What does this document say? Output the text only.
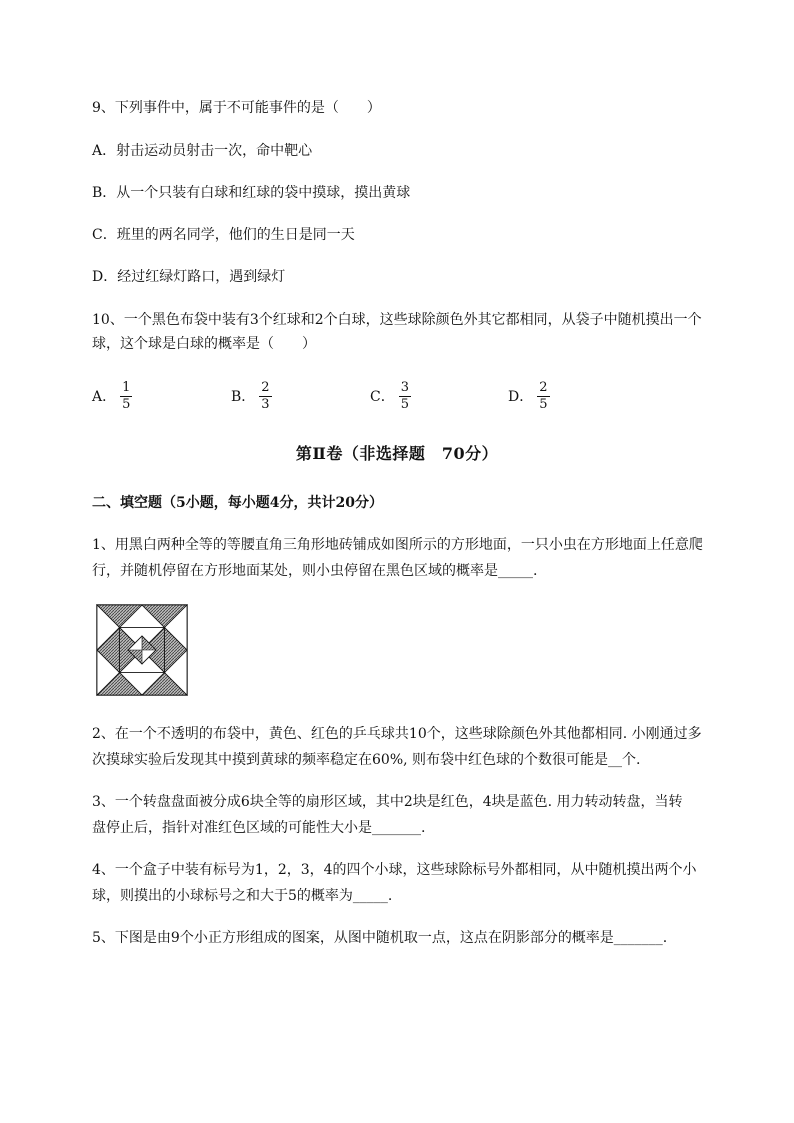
9、下列事件中，属于不可能事件的是（　　）
A．射击运动员射击一次，命中靶心
B．从一个只装有白球和红球的袋中摸球，摸出黄球
C．班里的两名同学，他们的生日是同一天
D．经过红绿灯路口，遇到绿灯
10、一个黑色布袋中装有3个红球和2个白球，这些球除颜色外其它都相同，从袋子中随机摸出一个
球，这个球是白球的概率是（　　）
A． $\frac{1}{5}$	B． $\frac{2}{3}$	C． $\frac{3}{5}$	D． $\frac{2}{5}$
第Ⅱ卷（非选择题　70分）
二、填空题（5小题，每小题4分，共计20分）
1、用黑白两种全等的等腰直角三角形地砖铺成如图所示的方形地面，一只小虫在方形地面上任意爬
行，并随机停留在方形地面某处，则小虫停留在黑色区域的概率是_____.
2、在一个不透明的布袋中，黄色、红色的乒乓球共10个，这些球除颜色外其他都相同. 小刚通过多
次摸球实验后发现其中摸到黄球的频率稳定在60%, 则布袋中红色球的个数很可能是__个.
3、一个转盘盘面被分成6块全等的扇形区域，其中2块是红色，4块是蓝色. 用力转动转盘，当转
盘停止后，指针对准红色区域的可能性大小是_______.
4、一个盒子中装有标号为1，2，3，4的四个小球，这些球除标号外都相同，从中随机摸出两个小
球，则摸出的小球标号之和大于5的概率为_____.
5、下图是由9个小正方形组成的图案，从图中随机取一点，这点在阴影部分的概率是_______.
